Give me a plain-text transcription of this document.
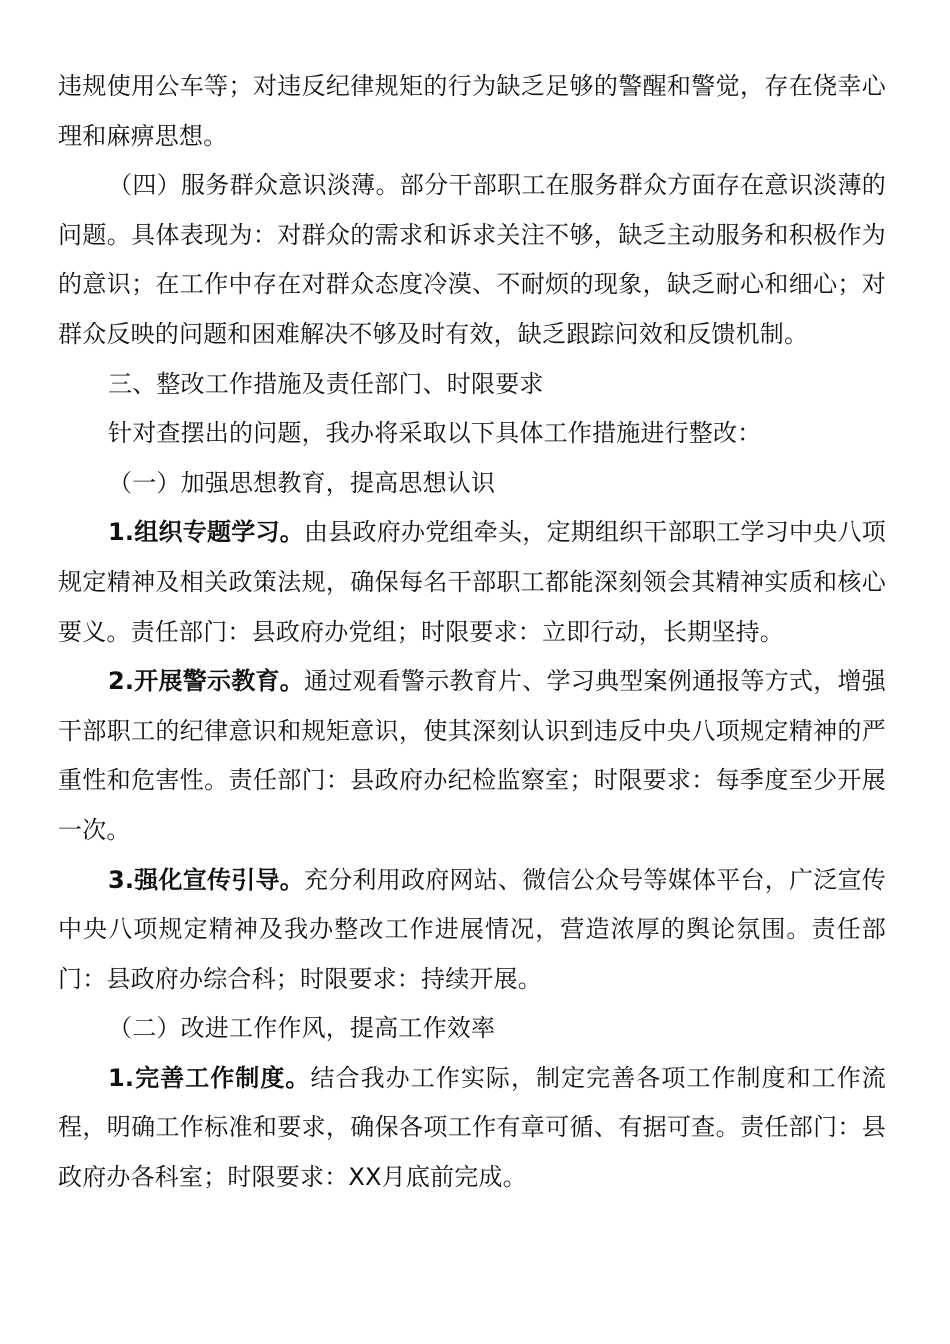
违规使用公车等；对违反纪律规矩的行为缺乏足够的警醒和警觉，存在侥幸心理和麻痹思想。

（四）服务群众意识淡薄。部分干部职工在服务群众方面存在意识淡薄的问题。具体表现为：对群众的需求和诉求关注不够，缺乏主动服务和积极作为的意识；在工作中存在对群众态度冷漠、不耐烦的现象，缺乏耐心和细心；对群众反映的问题和困难解决不够及时有效，缺乏跟踪问效和反馈机制。

三、整改工作措施及责任部门、时限要求

针对查摆出的问题，我办将采取以下具体工作措施进行整改：

（一）加强思想教育，提高思想认识

1.组织专题学习。由县政府办党组牵头，定期组织干部职工学习中央八项规定精神及相关政策法规，确保每名干部职工都能深刻领会其精神实质和核心要义。责任部门：县政府办党组；时限要求：立即行动，长期坚持。

2.开展警示教育。通过观看警示教育片、学习典型案例通报等方式，增强干部职工的纪律意识和规矩意识，使其深刻认识到违反中央八项规定精神的严重性和危害性。责任部门：县政府办纪检监察室；时限要求：每季度至少开展一次。

3.强化宣传引导。充分利用政府网站、微信公众号等媒体平台，广泛宣传中央八项规定精神及我办整改工作进展情况，营造浓厚的舆论氛围。责任部门：县政府办综合科；时限要求：持续开展。

（二）改进工作作风，提高工作效率

1.完善工作制度。结合我办工作实际，制定完善各项工作制度和工作流程，明确工作标准和要求，确保各项工作有章可循、有据可查。责任部门：县政府办各科室；时限要求：XX月底前完成。
